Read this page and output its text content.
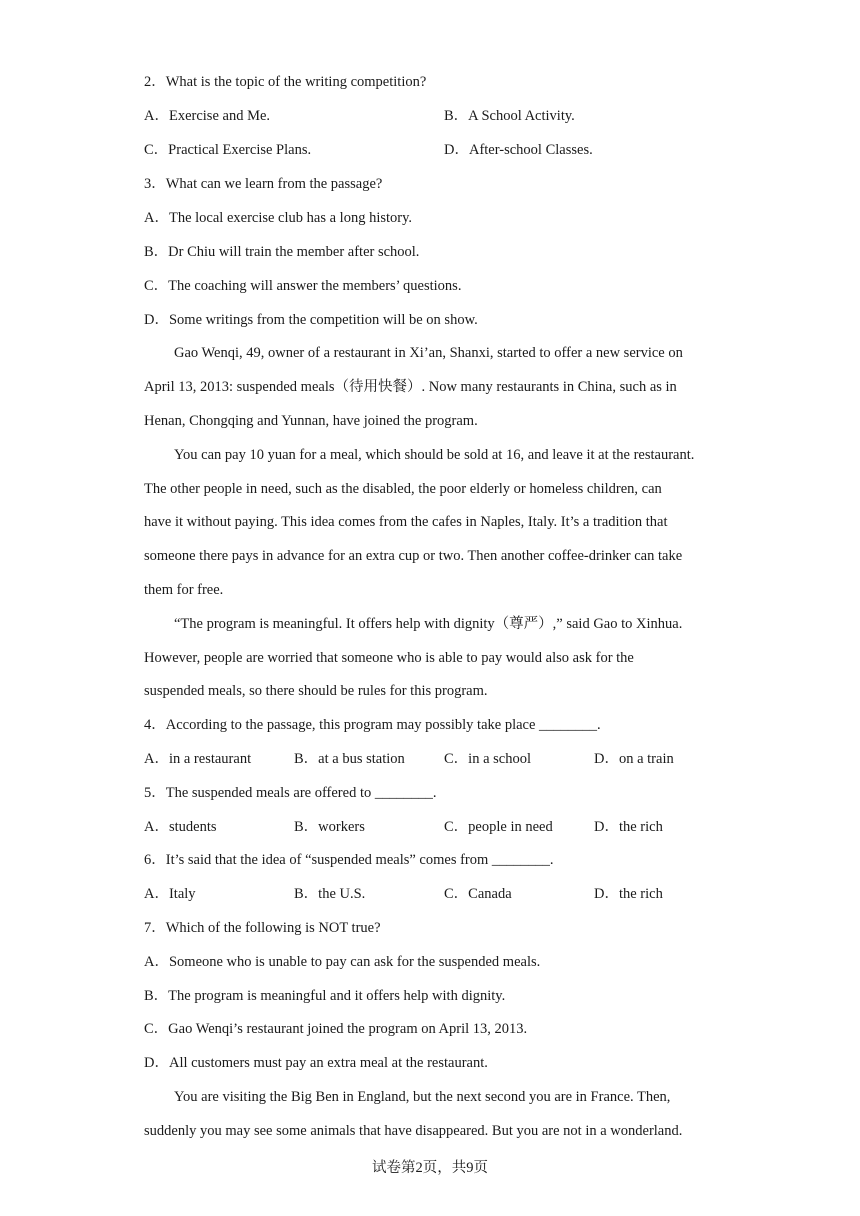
2．What is the topic of the writing competition?
A．Exercise and Me.	B．A School Activity.
C．Practical Exercise Plans.	D．After-school Classes.
3．What can we learn from the passage?
A．The local exercise club has a long history.
B．Dr Chiu will train the member after school.
C．The coaching will answer the members’ questions.
D．Some writings from the competition will be on show.
Gao Wenqi, 49, owner of a restaurant in Xi’an, Shanxi, started to offer a new service on
April 13, 2013: suspended meals（待用快餐）. Now many restaurants in China, such as in
Henan, Chongqing and Yunnan, have joined the program.
You can pay 10 yuan for a meal, which should be sold at 16, and leave it at the restaurant.
The other people in need, such as the disabled, the poor elderly or homeless children, can
have it without paying. This idea comes from the cafes in Naples, Italy. It’s a tradition that
someone there pays in advance for an extra cup or two. Then another coffee-drinker can take
them for free.
“The program is meaningful. It offers help with dignity（尊严）,” said Gao to Xinhua.
However, people are worried that someone who is able to pay would also ask for the
suspended meals, so there should be rules for this program.
4．According to the passage, this program may possibly take place ________.
A．in a restaurant	B．at a bus station	C．in a school	D．on a train
5．The suspended meals are offered to ________.
A．students	B．workers	C．people in need	D．the rich
6．It’s said that the idea of “suspended meals” comes from ________.
A．Italy	B．the U.S.	C．Canada	D．the rich
7．Which of the following is NOT true?
A．Someone who is unable to pay can ask for the suspended meals.
B．The program is meaningful and it offers help with dignity.
C．Gao Wenqi’s restaurant joined the program on April 13, 2013.
D．All customers must pay an extra meal at the restaurant.
You are visiting the Big Ben in England, but the next second you are in France. Then,
suddenly you may see some animals that have disappeared. But you are not in a wonderland.
试卷第2页，共9页
